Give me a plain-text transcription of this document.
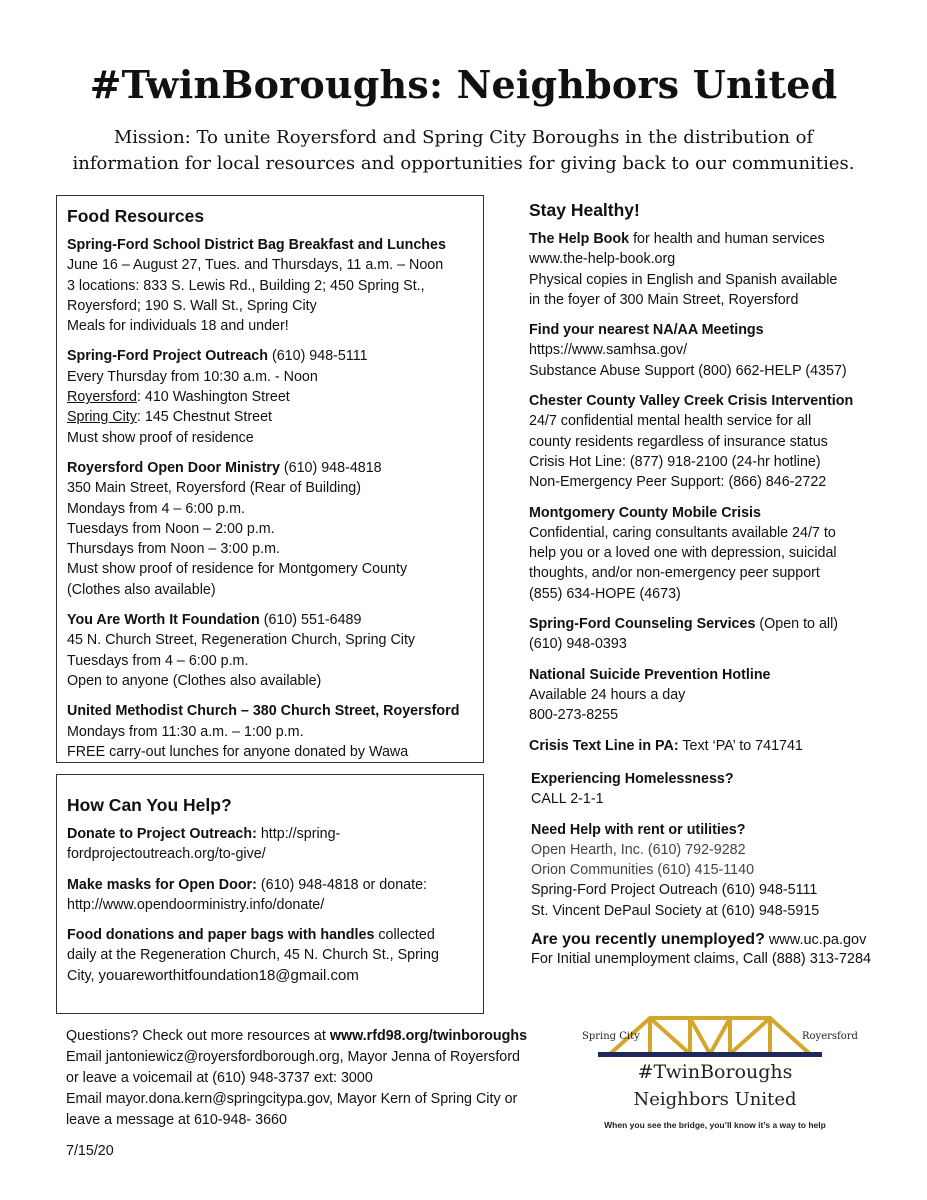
#TwinBoroughs: Neighbors United
Mission: To unite Royersford and Spring City Boroughs in the distribution of
information for local resources and opportunities for giving back to our communities.
Food Resources
Spring-Ford School District Bag Breakfast and Lunches
June 16 – August 27, Tues. and Thursdays, 11 a.m. – Noon
3 locations: 833 S. Lewis Rd., Building 2; 450 Spring St.,
Royersford; 190 S. Wall St., Spring City
Meals for individuals 18 and under!
Spring-Ford Project Outreach (610) 948-5111
Every Thursday from 10:30 a.m. - Noon
Royersford: 410 Washington Street
Spring City: 145 Chestnut Street
Must show proof of residence
Royersford Open Door Ministry (610) 948-4818
350 Main Street, Royersford (Rear of Building)
Mondays from 4 – 6:00 p.m.
Tuesdays from Noon – 2:00 p.m.
Thursdays from Noon – 3:00 p.m.
Must show proof of residence for Montgomery County
(Clothes also available)
You Are Worth It Foundation (610) 551-6489
45 N. Church Street, Regeneration Church, Spring City
Tuesdays from 4 – 6:00 p.m.
Open to anyone (Clothes also available)
United Methodist Church – 380 Church Street, Royersford
Mondays from 11:30 a.m. – 1:00 p.m.
FREE carry-out lunches for anyone donated by Wawa
How Can You Help?
Donate to Project Outreach: http://spring-
fordprojectoutreach.org/to-give/
Make masks for Open Door: (610) 948-4818 or donate:
http://www.opendoorministry.info/donate/
Food donations and paper bags with handles collected
daily at the Regeneration Church, 45 N. Church St., Spring
City, youareworthitfoundation18@gmail.com
Stay Healthy!
The Help Book for health and human services
www.the-help-book.org
Physical copies in English and Spanish available
in the foyer of 300 Main Street, Royersford
Find your nearest NA/AA Meetings
https://www.samhsa.gov/
Substance Abuse Support (800) 662-HELP (4357)
Chester County Valley Creek Crisis Intervention
24/7 confidential mental health service for all
county residents regardless of insurance status
Crisis Hot Line: (877) 918-2100 (24-hr hotline)
Non-Emergency Peer Support: (866) 846-2722
Montgomery County Mobile Crisis
Confidential, caring consultants available 24/7 to
help you or a loved one with depression, suicidal
thoughts, and/or non-emergency peer support
(855) 634-HOPE (4673)
Spring-Ford Counseling Services (Open to all)
(610) 948-0393
National Suicide Prevention Hotline
Available 24 hours a day
800-273-8255
Crisis Text Line in PA: Text ‘PA’ to 741741
Experiencing Homelessness?
CALL 2-1-1
Need Help with rent or utilities?
Open Hearth, Inc. (610) 792-9282
Orion Communities (610) 415-1140
Spring-Ford Project Outreach (610) 948-5111
St. Vincent DePaul Society at (610) 948-5915
Are you recently unemployed? www.uc.pa.gov For Initial unemployment claims, Call (888) 313-7284
Questions? Check out more resources at www.rfd98.org/twinboroughs
Email jantoniewicz@royersfordborough.org, Mayor Jenna of Royersford
or leave a voicemail at (610) 948-3737 ext: 3000
Email mayor.dona.kern@springcitypa.gov, Mayor Kern of Spring City or
leave a message at 610-948- 3660
7/15/20
Spring City	Royersford
#TwinBoroughs
Neighbors United
When you see the bridge, you’ll know it’s a way to help
